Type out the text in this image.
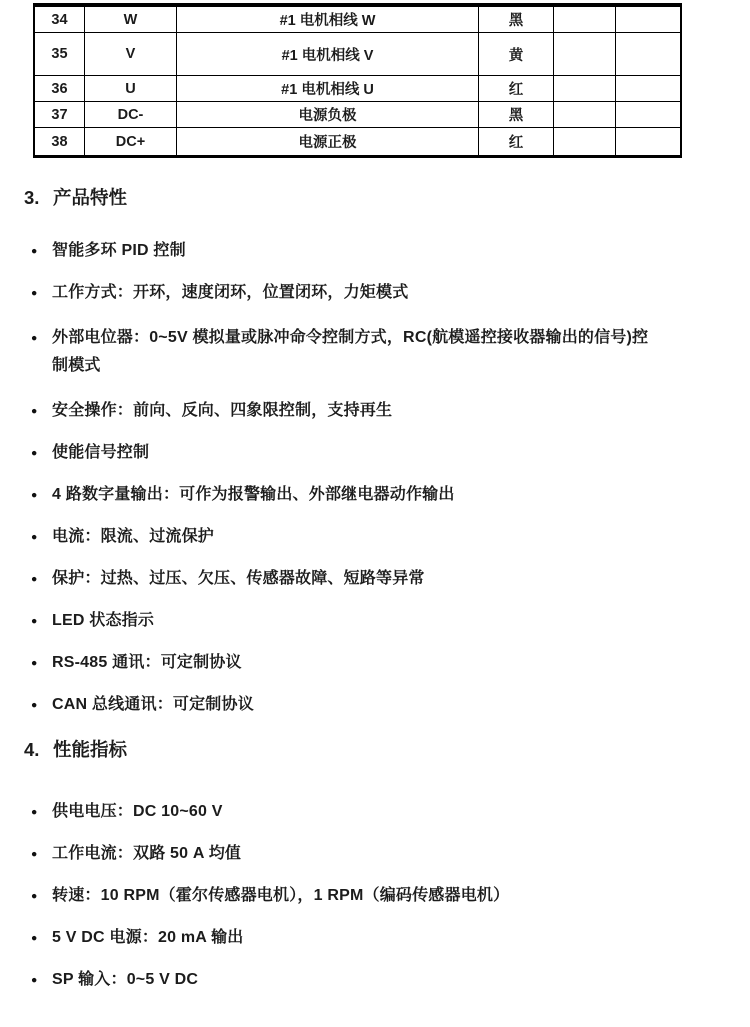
34	W	#1 电机相线 W	黑
35	V	#1 电机相线 V	黄
36	U	#1 电机相线 U	红
37	DC-	电源负极	黑
38	DC+	电源正极	红
3. 产品特性
● 智能多环 PID 控制
● 工作方式：开环，速度闭环，位置闭环，力矩模式
● 外部电位器：0~5V 模拟量或脉冲命令控制方式，RC(航模遥控接收器输出的信号)控
制模式
● 安全操作：前向、反向、四象限控制，支持再生
● 使能信号控制
● 4 路数字量输出：可作为报警输出、外部继电器动作输出
● 电流：限流、过流保护
● 保护：过热、过压、欠压、传感器故障、短路等异常
● LED 状态指示
● RS-485 通讯：可定制协议
● CAN 总线通讯：可定制协议
4. 性能指标
● 供电电压：DC 10~60 V
● 工作电流：双路 50 A 均值
● 转速：10 RPM（霍尔传感器电机），1 RPM（编码传感器电机）
● 5 V DC 电源：20 mA 输出
● SP 输入：0~5 V DC
